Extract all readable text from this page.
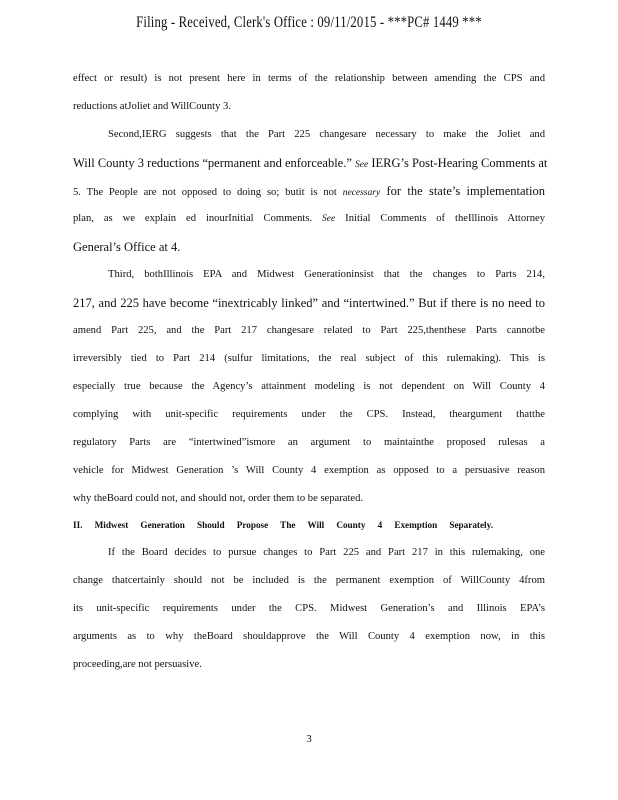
Filing - Received, Clerk's Office : 09/11/2015 - ***PC# 1449 ***
effect or result) is not present here in terms of the relationship between amending the CPS and
reductions atJoliet and WillCounty 3.
Second,IERG suggests that the Part 225 changesare necessary to make the Joliet and
Will County 3 reductions “permanent and enforceable.” See IERG’s Post-Hearing Comments at
5. The People are not opposed to doing so; butit is not necessary for the state’s implementation
plan, as we explain ed inourInitial Comments. See Initial Comments of theIllinois Attorney
General’s Office at 4.
Third, bothIllinois EPA and Midwest Generationinsist that the changes to Parts 214,
217, and 225 have become “inextricably linked” and “intertwined.” But if there is no need to
amend Part 225, and the Part 217 changesare related to Part 225,thenthese Parts cannotbe
irreversibly tied to Part 214 (sulfur limitations, the real subject of this rulemaking). This is
especially true because the Agency’s attainment modeling is not dependent on Will County 4
complying with unit-specific requirements under the CPS. Instead, theargument thatthe
regulatory Parts are “intertwined”ismore an argument to maintainthe proposed rulesas a
vehicle for Midwest Generation ’s Will County 4 exemption as opposed to a persuasive reason
why theBoard could not, and should not, order them to be separated.
II. Midwest Generation Should Propose The Will County 4 Exemption Separately.
If the Board decides to pursue changes to Part 225 and Part 217 in this rulemaking, one
change thatcertainly should not be included is the permanent exemption of WillCounty 4from
its unit-specific requirements under the CPS. Midwest Generation’s and Illinois EPA’s
arguments as to why theBoard shouldapprove the Will County 4 exemption now, in this
proceeding,are not persuasive.
3
